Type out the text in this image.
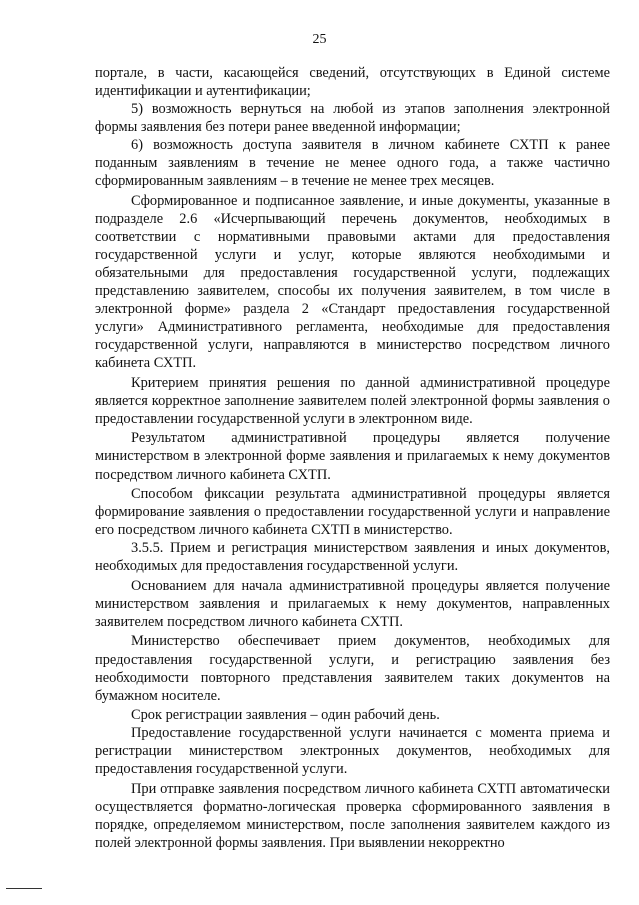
25

портале, в части, касающейся сведений, отсутствующих в Единой системе идентификации и аутентификации;

5) возможность вернуться на любой из этапов заполнения электронной формы заявления без потери ранее введенной информации;

6) возможность доступа заявителя в личном кабинете СХТП к ранее поданным заявлениям в течение не менее одного года, а также частично сформированным заявлениям – в течение не менее трех месяцев.

Сформированное и подписанное заявление, и иные документы, указанные в подразделе 2.6 «Исчерпывающий перечень документов, необходимых в соответствии с нормативными правовыми актами для предоставления государственной услуги и услуг, которые являются необходимыми и обязательными для предоставления государственной услуги, подлежащих представлению заявителем, способы их получения заявителем, в том числе в электронной форме» раздела 2 «Стандарт предоставления государственной услуги» Административного регламента, необходимые для предоставления государственной услуги, направляются в министерство посредством личного кабинета СХТП.

Критерием принятия решения по данной административной процедуре является корректное заполнение заявителем полей электронной формы заявления о предоставлении государственной услуги в электронном виде.

Результатом административной процедуры является получение министерством в электронной форме заявления и прилагаемых к нему документов посредством личного кабинета СХТП.

Способом фиксации результата административной процедуры является формирование заявления о предоставлении государственной услуги и направление его посредством личного кабинета СХТП в министерство.

3.5.5. Прием и регистрация министерством заявления и иных документов, необходимых для предоставления государственной услуги.

Основанием для начала административной процедуры является получение министерством заявления и прилагаемых к нему документов, направленных заявителем посредством личного кабинета СХТП.

Министерство обеспечивает прием документов, необходимых для предоставления государственной услуги, и регистрацию заявления без необходимости повторного представления заявителем таких документов на бумажном носителе.

Срок регистрации заявления – один рабочий день.

Предоставление государственной услуги начинается с момента приема и регистрации министерством электронных документов, необходимых для предоставления государственной услуги.

При отправке заявления посредством личного кабинета СХТП автоматически осуществляется форматно-логическая проверка сформированного заявления в порядке, определяемом министерством, после заполнения заявителем каждого из полей электронной формы заявления. При выявлении некорректно
